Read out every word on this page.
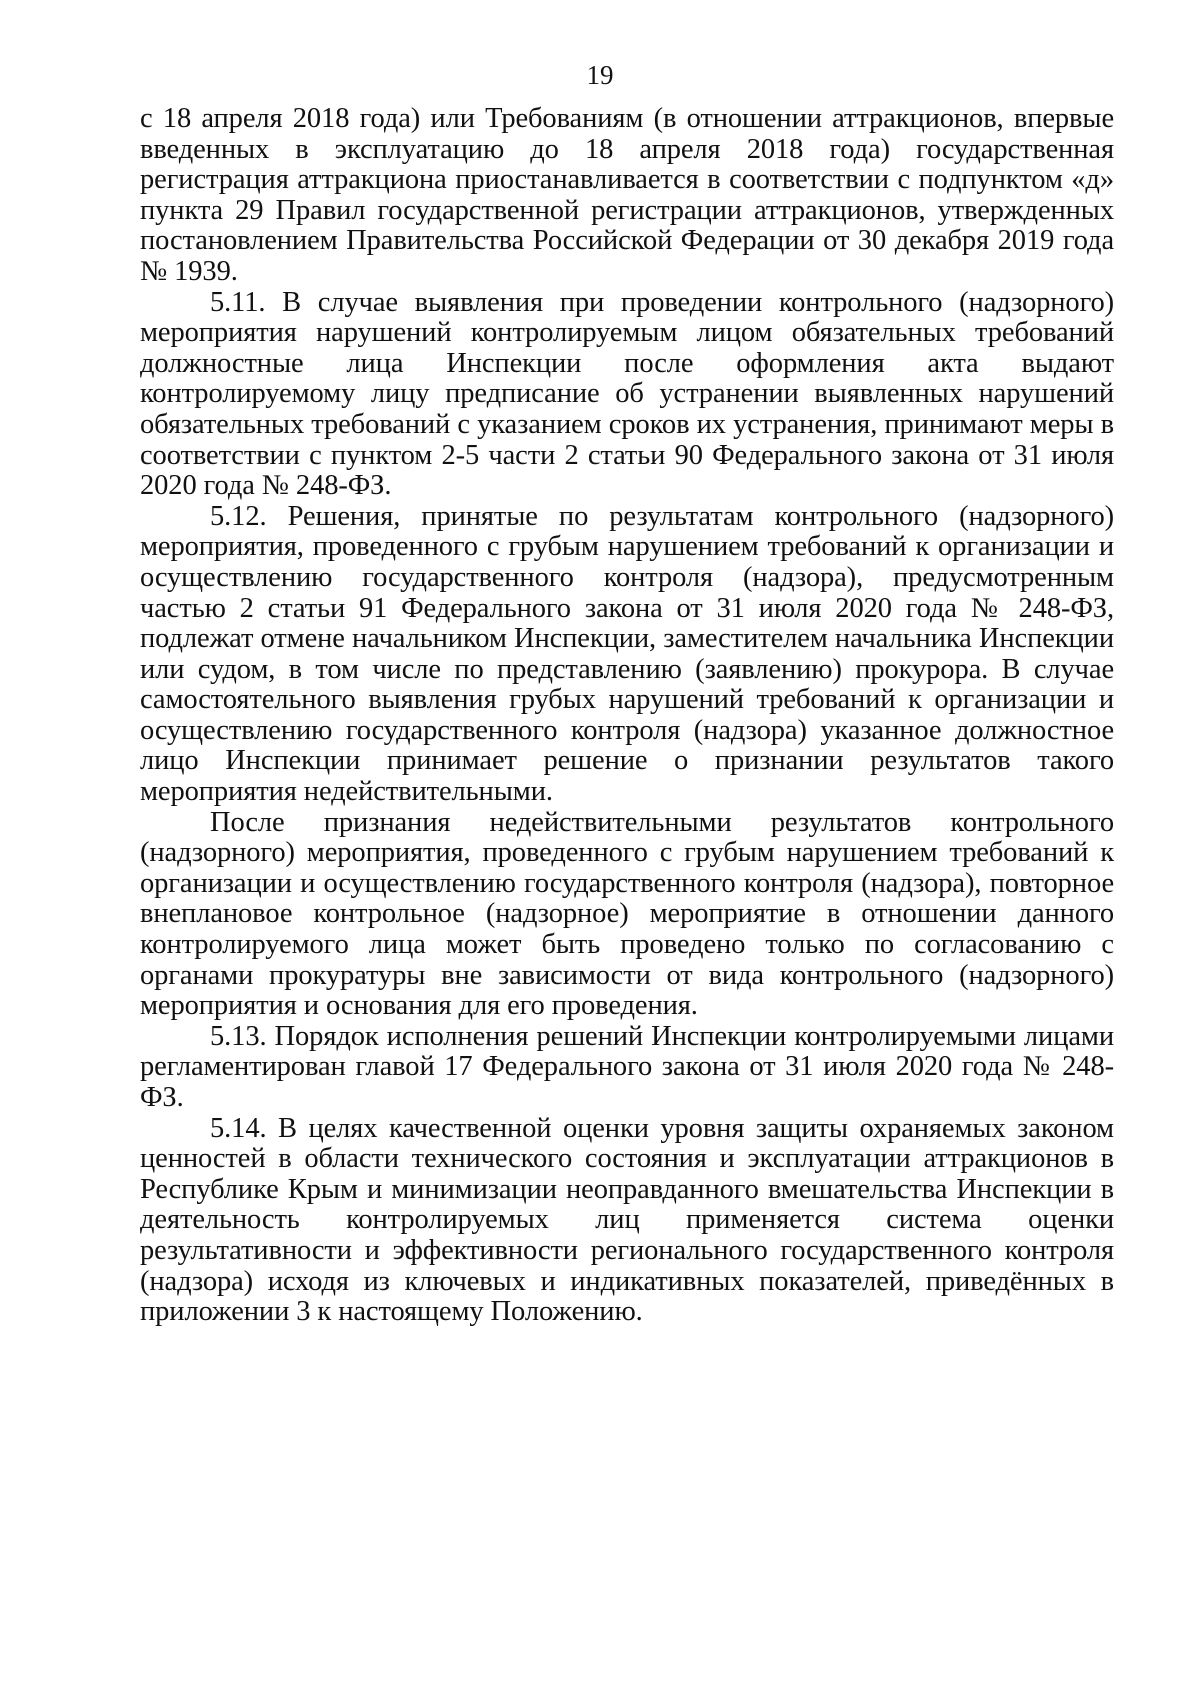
19

с 18 апреля 2018 года) или Требованиям (в отношении аттракционов, впервые введенных в эксплуатацию до 18 апреля 2018 года) государственная регистрация аттракциона приостанавливается в соответствии с подпунктом «д» пункта 29 Правил государственной регистрации аттракционов, утвержденных постановлением Правительства Российской Федерации от 30 декабря 2019 года № 1939.

5.11. В случае выявления при проведении контрольного (надзорного) мероприятия нарушений контролируемым лицом обязательных требований должностные лица Инспекции после оформления акта выдают контролируемому лицу предписание об устранении выявленных нарушений обязательных требований с указанием сроков их устранения, принимают меры в соответствии с пунктом 2-5 части 2 статьи 90 Федерального закона от 31 июля 2020 года № 248-ФЗ.

5.12. Решения, принятые по результатам контрольного (надзорного) мероприятия, проведенного с грубым нарушением требований к организации и осуществлению государственного контроля (надзора), предусмотренным частью 2 статьи 91 Федерального закона от 31 июля 2020 года № 248-ФЗ, подлежат отмене начальником Инспекции, заместителем начальника Инспекции или судом, в том числе по представлению (заявлению) прокурора. В случае самостоятельного выявления грубых нарушений требований к организации и осуществлению государственного контроля (надзора) указанное должностное лицо Инспекции принимает решение о признании результатов такого мероприятия недействительными.

После признания недействительными результатов контрольного (надзорного) мероприятия, проведенного с грубым нарушением требований к организации и осуществлению государственного контроля (надзора), повторное внеплановое контрольное (надзорное) мероприятие в отношении данного контролируемого лица может быть проведено только по согласованию с органами прокуратуры вне зависимости от вида контрольного (надзорного) мероприятия и основания для его проведения.

5.13. Порядок исполнения решений Инспекции контролируемыми лицами регламентирован главой 17 Федерального закона от 31 июля 2020 года № 248-ФЗ.

5.14. В целях качественной оценки уровня защиты охраняемых законом ценностей в области технического состояния и эксплуатации аттракционов в Республике Крым и минимизации неоправданного вмешательства Инспекции в деятельность контролируемых лиц применяется система оценки результативности и эффективности регионального государственного контроля (надзора) исходя из ключевых и индикативных показателей, приведённых в приложении 3 к настоящему Положению.
